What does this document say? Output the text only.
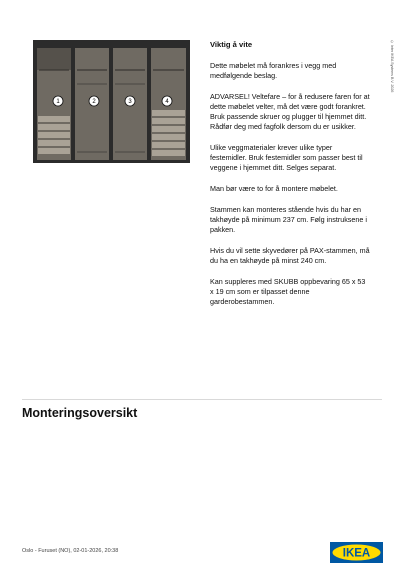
© Inter IKEA Systems B.V. 2026
1	2	3	4
Viktig å vite

Dette møbelet må forankres i vegg med medfølgende beslag.

ADVARSEL! Veltefare – for å redusere faren for at dette møbelet velter, må det være godt forankret. Bruk passende skruer og plugger til hjemmet ditt. Rådfør deg med fagfolk dersom du er usikker.

Ulike veggmaterialer krever ulike typer festemidler. Bruk festemidler som passer best til veggene i hjemmet ditt. Selges separat.

Man bør være to for å montere møbelet.

Stammen kan monteres stående hvis du har en takhøyde på minimum 237 cm. Følg instruksene i pakken.

Hvis du vil sette skyvedører på PAX-stammen, må du ha en takhøyde på minst 240 cm.

Kan suppleres med SKUBB oppbevaring 65 x 53 x 19 cm som er tilpasset denne garderobestammen.

Monteringsoversikt
Oslo - Furuset (NO), 02-01-2026, 20:38	IKEA
